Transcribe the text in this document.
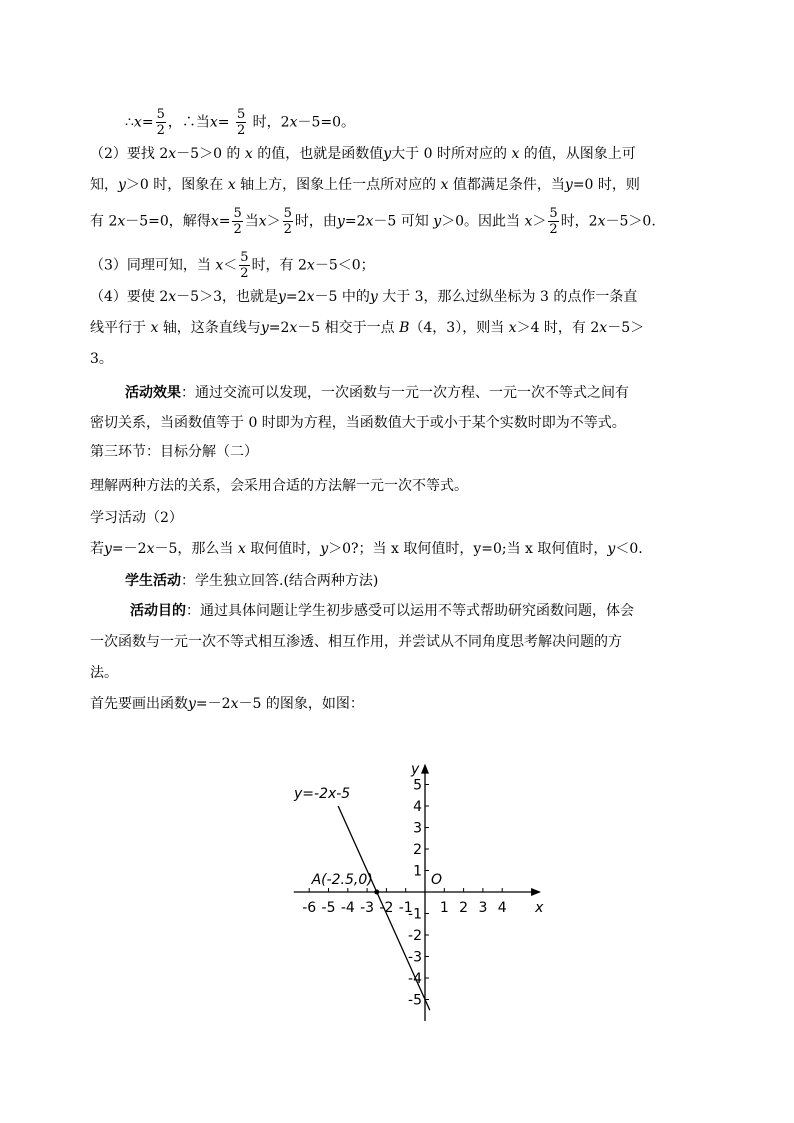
∴x= $\frac{5}{2}$ ，∴当$x= \frac{5}{2}$ 时，2x－5=0。
（2）要找 2x－5＞0 的 x 的值，也就是函数值y大于 0 时所对应的 x 的值，从图象上可
知，y＞0 时，图象在 x 轴上方，图象上任一点所对应的 x 值都满足条件，当y=0 时，则
有 2x－5=0，解得$x= \frac{5}{2}$ 当$x> \frac{5}{2}$ 时，由y=2x－5 可知 y＞0。因此当 $x> \frac{5}{2}$ 时，2x－5＞0.
（3）同理可知，当 $x< \frac{5}{2}$ 时，有 2x－5＜0；
（4）要使 2x－5＞3，也就是y=2x－5 中的y 大于 3，那么过纵坐标为 3 的点作一条直
线平行于 x 轴，这条直线与y=2x－5 相交于一点 B（4，3），则当 x＞4 时，有 2x－5＞
3。
活动效果：通过交流可以发现，一次函数与一元一次方程、一元一次不等式之间有
密切关系，当函数值等于 0 时即为方程，当函数值大于或小于某个实数时即为不等式。
第三环节：目标分解（二）
理解两种方法的关系，会采用合适的方法解一元一次不等式。
学习活动（2）
若y=－2x－5，那么当 x 取何值时，y＞0?；当 x 取何值时，y=0;当 x 取何值时，y＜0.
学生活动：学生独立回答.(结合两种方法)
活动目的：通过具体问题让学生初步感受可以运用不等式帮助研究函数问题，体会
一次函数与一元一次不等式相互渗透、相互作用，并尝试从不同角度思考解决问题的方
法。
首先要画出函数y=－2x－5 的图象，如图：
-6 -5 -4 -3 -2 -1 1 2 3 4
5
4
3
2
1
-1
-2
-3
-4
-5
y=-2x-5
A(-2.5,0)	O
x
y
